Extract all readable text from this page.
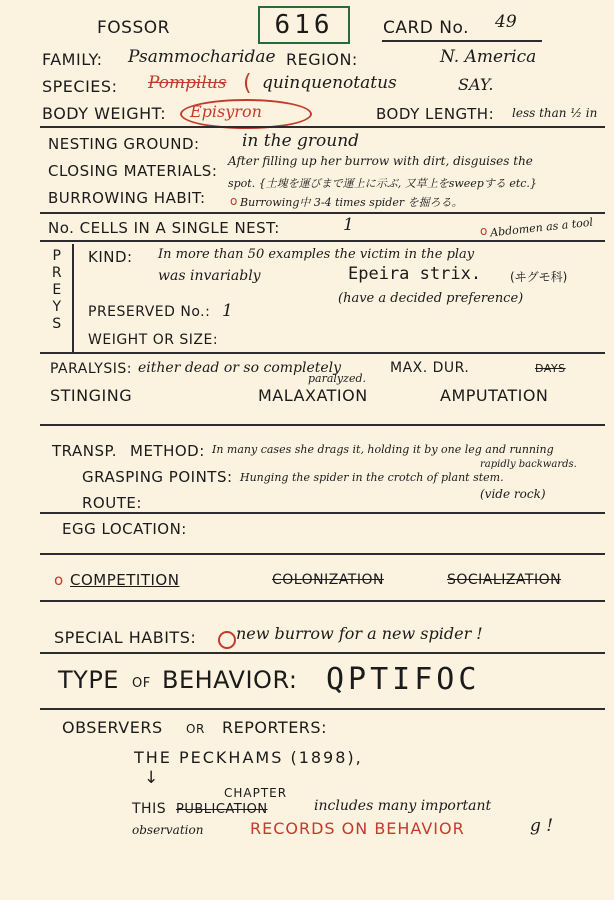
FOSSOR	616	CARD No. 49
FAMILY: Psammocharidae REGION:	N. America
SPECIES: Pompilus quinquenotatus	SAY.
(
BODY WEIGHT: Episyron	BODY LENGTH: less than ½ in
NESTING GROUND: in the ground
CLOSING MATERIALS:
After filling up her burrow with dirt, disguises the
spot. {土塊を運びまで運上に示ぶ, 又草上をsweepする etc.}
BURROWING HABIT: o Burrowing中 3-4 times spider を掘ろる。
No. CELLS IN A SINGLE NEST:	1	o Abdomen as a tool
P
R
E
Y
S
KIND: In more than 50 examples the victim in the play
was invariably	Epeira strix. (ヰグモ科)
(have a decided preference)
PRESERVED No.: 1
WEIGHT OR SIZE:
PARALYSIS: either dead or so completely
paralyzed.
MAX. DUR.	DAYS
STINGING	MALAXATION	AMPUTATION
TRANSP. METHOD: In many cases she drags it, holding it by one leg and running
rapidly backwards.
GRASPING POINTS: Hunging the spider in the crotch of plant stem.
ROUTE:	(vide rock)
EGG LOCATION:
o COMPETITION	COLONIZATION	SOCIALIZATION
SPECIAL HABITS: new burrow for a new spider !
TYPE OF BEHAVIOR: QPTIFOC
OBSERVERS OR REPORTERS:
THE PECKHAMS (1898),
↓
CHAPTER
THIS PUBLICATION	includes many important
observation	RECORDS ON BEHAVIOR	g !
